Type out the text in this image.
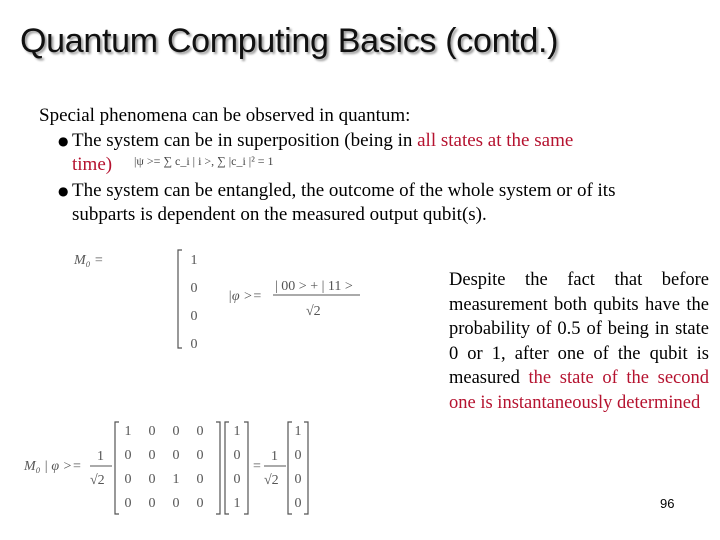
Quantum Computing Basics (contd.)
Special phenomena can be observed in quantum:
● The system can be in superposition (being in all states at the same
time)	|ψ >= ∑ c_i | i >, ∑ |c_i |² = 1
● The system can be entangled, the outcome of the whole system or of its subparts is dependent on the measured output qubit(s).
M₀ =	1
0
0
0
|φ >=
| 00 > + | 11 >
√2
M₀ | φ >=
1
√2
1 0 0 0
0 0 0 0
0 0 1 0
0 0 0 0
1
0
0
1
=
1
√2
1
0
0
0
Despite the fact that before measurement both qubits have the probability of 0.5 of being in state 0 or 1, after one of the qubit is measured the state of the second one is instantaneously determined
96
